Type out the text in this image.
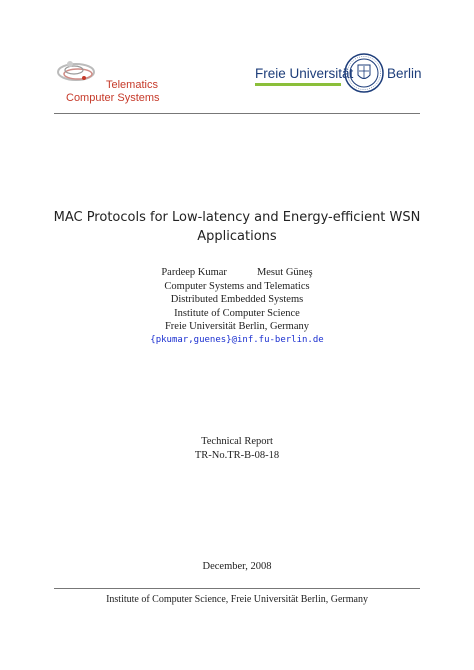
Telematics
Computer Systems
Freie Universität Berlin
MAC Protocols for Low-latency and Energy-efficient WSN
Applications
Pardeep Kumar	Mesut Güneş
Computer Systems and Telematics
Distributed Embedded Systems
Institute of Computer Science
Freie Universität Berlin, Germany
{pkumar,guenes}@inf.fu-berlin.de
Technical Report
TR-No.TR-B-08-18
December, 2008
Institute of Computer Science, Freie Universität Berlin, Germany
